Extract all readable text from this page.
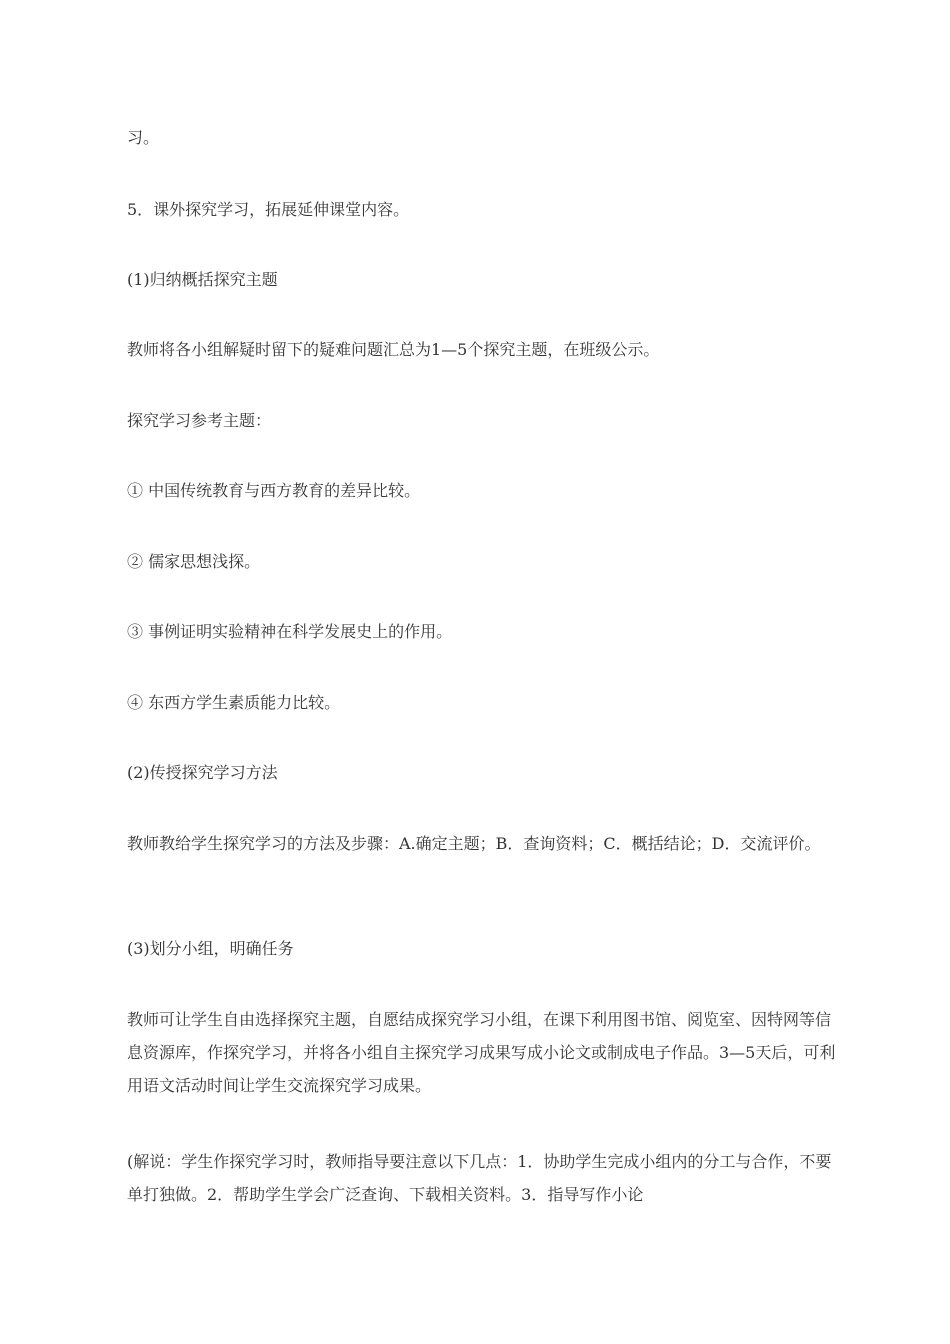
习。

5．课外探究学习，拓展延伸课堂内容。

(1)归纳概括探究主题

教师将各小组解疑时留下的疑难问题汇总为1—5个探究主题，在班级公示。

探究学习参考主题：

① 中国传统教育与西方教育的差异比较。

② 儒家思想浅探。

③ 事例证明实验精神在科学发展史上的作用。

④ 东西方学生素质能力比较。

(2)传授探究学习方法

教师教给学生探究学习的方法及步骤：A.确定主题；B．查询资料；C．概括结论；D．交流评价。

(3)划分小组，明确任务

教师可让学生自由选择探究主题，自愿结成探究学习小组，在课下利用图书馆、阅览室、因特网等信息资源库，作探究学习，并将各小组自主探究学习成果写成小论文或制成电子作品。3—5天后，可利用语文活动时间让学生交流探究学习成果。

(解说：学生作探究学习时，教师指导要注意以下几点：1．协助学生完成小组内的分工与合作，不要单打独做。2．帮助学生学会广泛查询、下载相关资料。3．指导写作小论
